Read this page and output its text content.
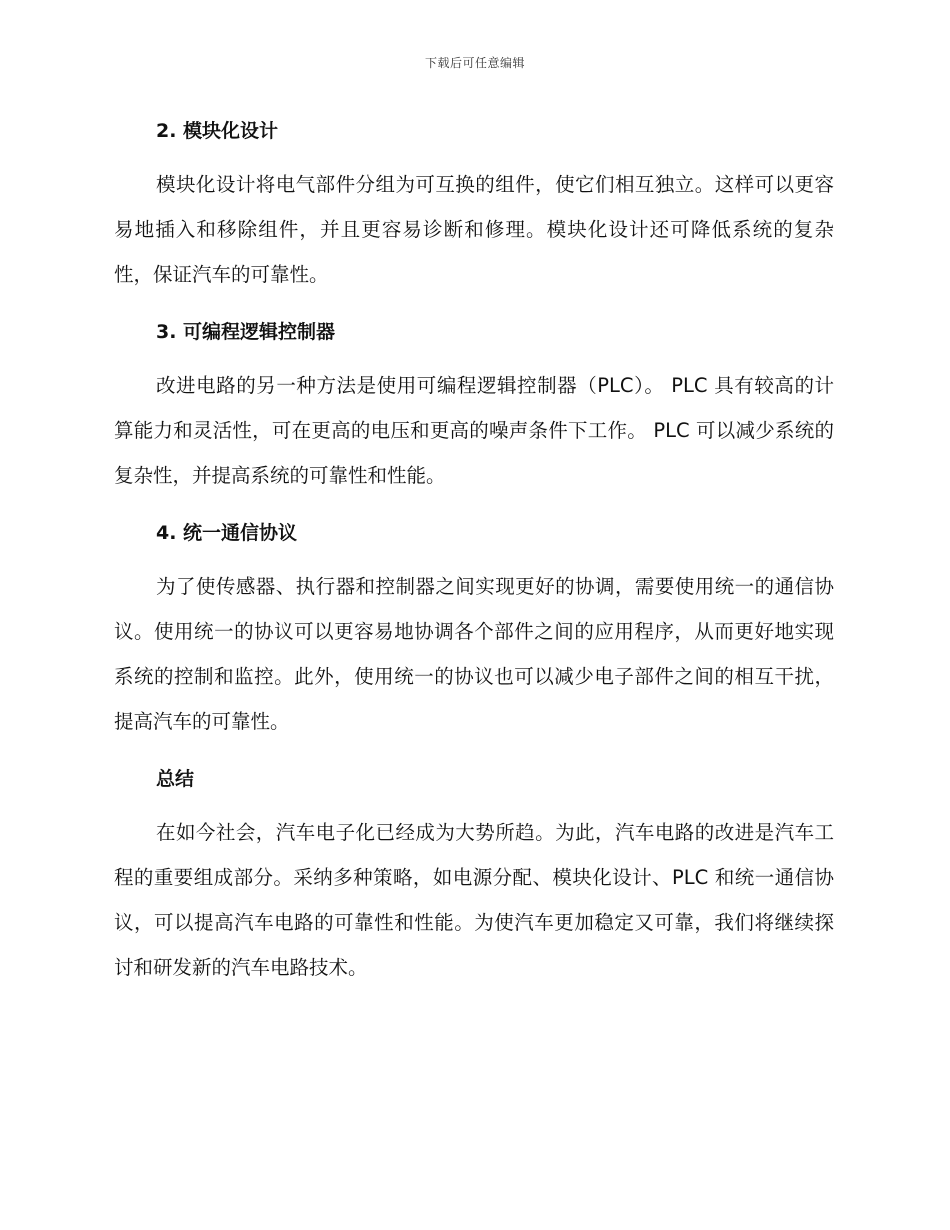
下载后可任意编辑
2. 模块化设计

模块化设计将电气部件分组为可互换的组件，使它们相互独立。这样可以更容易地插入和移除组件，并且更容易诊断和修理。模块化设计还可降低系统的复杂性，保证汽车的可靠性。

3. 可编程逻辑控制器

改进电路的另一种方法是使用可编程逻辑控制器（PLC）。 PLC 具有较高的计算能力和灵活性，可在更高的电压和更高的噪声条件下工作。 PLC 可以减少系统的复杂性，并提高系统的可靠性和性能。

4. 统一通信协议

为了使传感器、执行器和控制器之间实现更好的协调，需要使用统一的通信协议。使用统一的协议可以更容易地协调各个部件之间的应用程序，从而更好地实现系统的控制和监控。此外，使用统一的协议也可以减少电子部件之间的相互干扰，提高汽车的可靠性。

总结

在如今社会，汽车电子化已经成为大势所趋。为此，汽车电路的改进是汽车工程的重要组成部分。采纳多种策略，如电源分配、模块化设计、PLC 和统一通信协议，可以提高汽车电路的可靠性和性能。为使汽车更加稳定又可靠，我们将继续探讨和研发新的汽车电路技术。
